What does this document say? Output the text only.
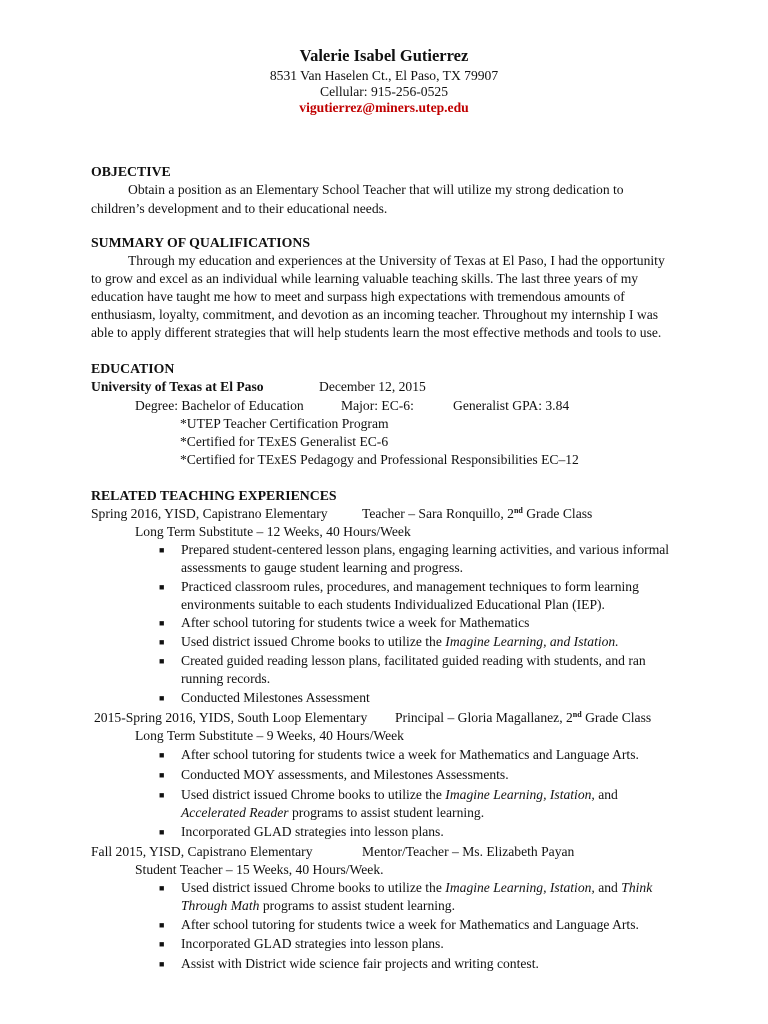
Valerie Isabel Gutierrez
8531 Van Haselen Ct., El Paso, TX 79907
Cellular: 915-256-0525
vigutierrez@miners.utep.edu
OBJECTIVE
Obtain a position as an Elementary School Teacher that will utilize my strong dedication to
children’s development and to their educational needs.
SUMMARY OF QUALIFICATIONS
Through my education and experiences at the University of Texas at El Paso, I had the opportunity
to grow and excel as an individual while learning valuable teaching skills. The last three years of my
education have taught me how to meet and surpass high expectations with tremendous amounts of
enthusiasm, loyalty, commitment, and devotion as an incoming teacher. Throughout my internship I was
able to apply different strategies that will help students learn the most effective methods and tools to use.
EDUCATION
University of Texas at El Paso	December 12, 2015
Degree: Bachelor of Education	Major: EC-6:	Generalist GPA: 3.84
*UTEP Teacher Certification Program
*Certified for TExES Generalist EC-6
*Certified for TExES Pedagogy and Professional Responsibilities EC–12
RELATED TEACHING EXPERIENCES
Spring 2016, YISD, Capistrano Elementary	Teacher – Sara Ronquillo, 2nd Grade Class
Long Term Substitute – 12 Weeks, 40 Hours/Week
■ Prepared student-centered lesson plans, engaging learning activities, and various informal
assessments to gauge student learning and progress.
■ Practiced classroom rules, procedures, and management techniques to form learning
environments suitable to each students Individualized Educational Plan (IEP).
■ After school tutoring for students twice a week for Mathematics
■ Used district issued Chrome books to utilize the Imagine Learning, and Istation.
■ Created guided reading lesson plans, facilitated guided reading with students, and ran
running records.
■ Conducted Milestones Assessment
2015-Spring 2016, YIDS, South Loop Elementary Principal – Gloria Magallanez, 2nd Grade Class
Long Term Substitute – 9 Weeks, 40 Hours/Week
■ After school tutoring for students twice a week for Mathematics and Language Arts.
■ Conducted MOY assessments, and Milestones Assessments.
■ Used district issued Chrome books to utilize the Imagine Learning, Istation, and
Accelerated Reader programs to assist student learning.
■ Incorporated GLAD strategies into lesson plans.
Fall 2015, YISD, Capistrano Elementary	Mentor/Teacher – Ms. Elizabeth Payan
Student Teacher – 15 Weeks, 40 Hours/Week.
■ Used district issued Chrome books to utilize the Imagine Learning, Istation, and Think
Through Math programs to assist student learning.
■ After school tutoring for students twice a week for Mathematics and Language Arts.
■ Incorporated GLAD strategies into lesson plans.
■ Assist with District wide science fair projects and writing contest.
